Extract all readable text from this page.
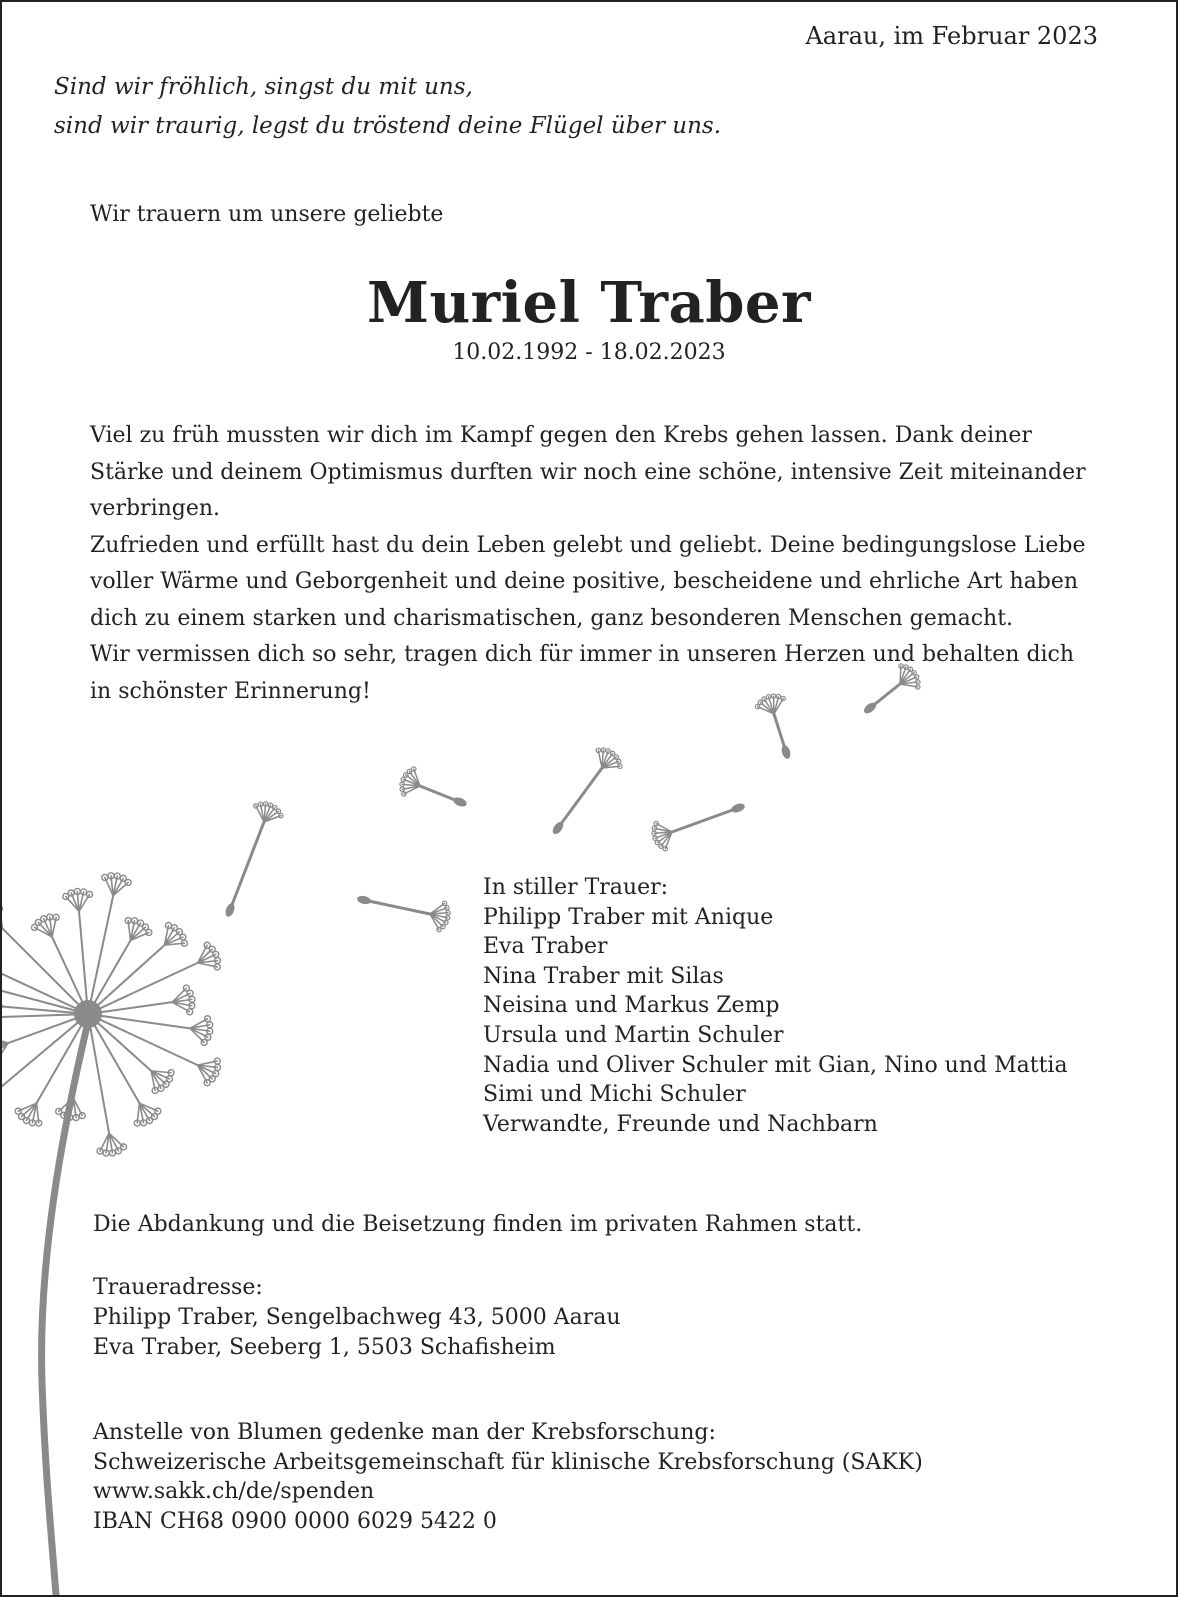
Aarau, im Februar 2023
Sind wir fröhlich, singst du mit uns,
sind wir traurig, legst du tröstend deine Flügel über uns.
Wir trauern um unsere geliebte
Muriel Traber
10.02.1992 - 18.02.2023

Viel zu früh mussten wir dich im Kampf gegen den Krebs gehen lassen. Dank deiner Stärke und deinem Optimismus durften wir noch eine schöne, intensive Zeit miteinander verbringen.

Zufrieden und erfüllt hast du dein Leben gelebt und geliebt. Deine bedingungslose Liebe voller Wärme und Geborgenheit und deine positive, bescheidene und ehrliche Art haben dich zu einem starken und charismatischen, ganz besonderen Menschen gemacht.

Wir vermissen dich so sehr, tragen dich für immer in unseren Herzen und behalten dich in schönster Erinnerung!

In stiller Trauer:
Philipp Traber mit Anique
Eva Traber
Nina Traber mit Silas
Neisina und Markus Zemp
Ursula und Martin Schuler
Nadia und Oliver Schuler mit Gian, Nino und Mattia
Simi und Michi Schuler
Verwandte, Freunde und Nachbarn
Die Abdankung und die Beisetzung finden im privaten Rahmen statt.
Traueradresse:
Philipp Traber, Sengelbachweg 43, 5000 Aarau
Eva Traber, Seeberg 1, 5503 Schafisheim
Anstelle von Blumen gedenke man der Krebsforschung:
Schweizerische Arbeitsgemeinschaft für klinische Krebsforschung (SAKK)
www.sakk.ch/de/spenden
IBAN CH68 0900 0000 6029 5422 0
